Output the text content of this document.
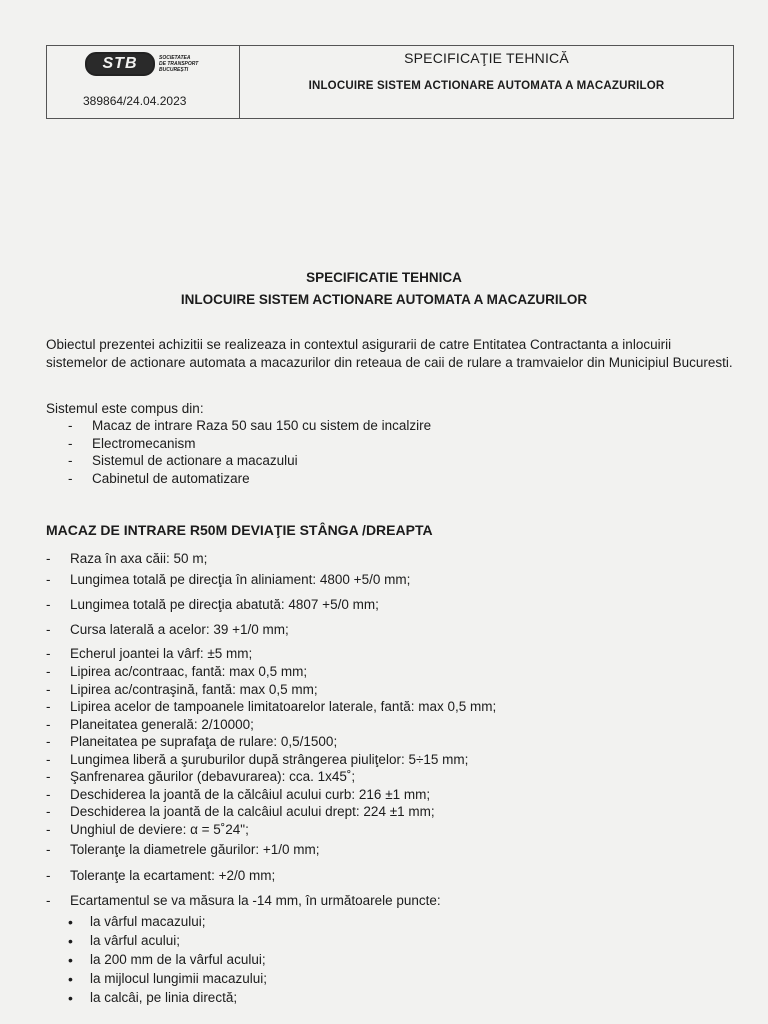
STB	SOCIETATEA
DE TRANSPORT
BUCUREȘTI
389864/24.04.2023
SPECIFICAŢIE TEHNICĂ
INLOCUIRE SISTEM ACTIONARE AUTOMATA A MACAZURILOR
SPECIFICATIE TEHNICA
INLOCUIRE SISTEM ACTIONARE AUTOMATA A MACAZURILOR
Obiectul prezentei achizitii se realizeaza in contextul asigurarii de catre Entitatea Contractanta a inlocuirii sistemelor de actionare automata a macazurilor din reteaua de caii de rulare a tramvaielor din Municipiul Bucuresti.
Sistemul este compus din:
- Macaz de intrare Raza 50 sau 150 cu sistem de incalzire
- Electromecanism
- Sistemul de actionare a macazului
- Cabinetul de automatizare
MACAZ DE INTRARE R50M DEVIAŢIE STÂNGA /DREAPTA
- Raza în axa căii: 50 m;
- Lungimea totală pe direcţia în aliniament: 4800 +5/0 mm;
- Lungimea totală pe direcţia abatută: 4807 +5/0 mm;
- Cursa laterală a acelor: 39 +1/0 mm;
- Echerul joantei la vârf: ±5 mm;
- Lipirea ac/contraac, fantă: max 0,5 mm;
- Lipirea ac/contraşină, fantă: max 0,5 mm;
- Lipirea acelor de tampoanele limitatoarelor laterale, fantă: max 0,5 mm;
- Planeitatea generală: 2/10000;
- Planeitatea pe suprafaţa de rulare: 0,5/1500;
- Lungimea liberă a şuruburilor după strângerea piuliţelor: 5÷15 mm;
- Şanfrenarea găurilor (debavurarea): cca. 1x45˚;
- Deschiderea la joantă de la călcâiul acului curb: 216 ±1 mm;
- Deschiderea la joantă de la calcâiul acului drept: 224 ±1 mm;
- Unghiul de deviere: α = 5˚24";
- Toleranţe la diametrele găurilor: +1/0 mm;
- Toleranţe la ecartament: +2/0 mm;
- Ecartamentul se va măsura la -14 mm, în următoarele puncte:
• la vârful macazului;
• la vârful acului;
• la 200 mm de la vârful acului;
• la mijlocul lungimii macazului;
• la calcâi, pe linia directă;
